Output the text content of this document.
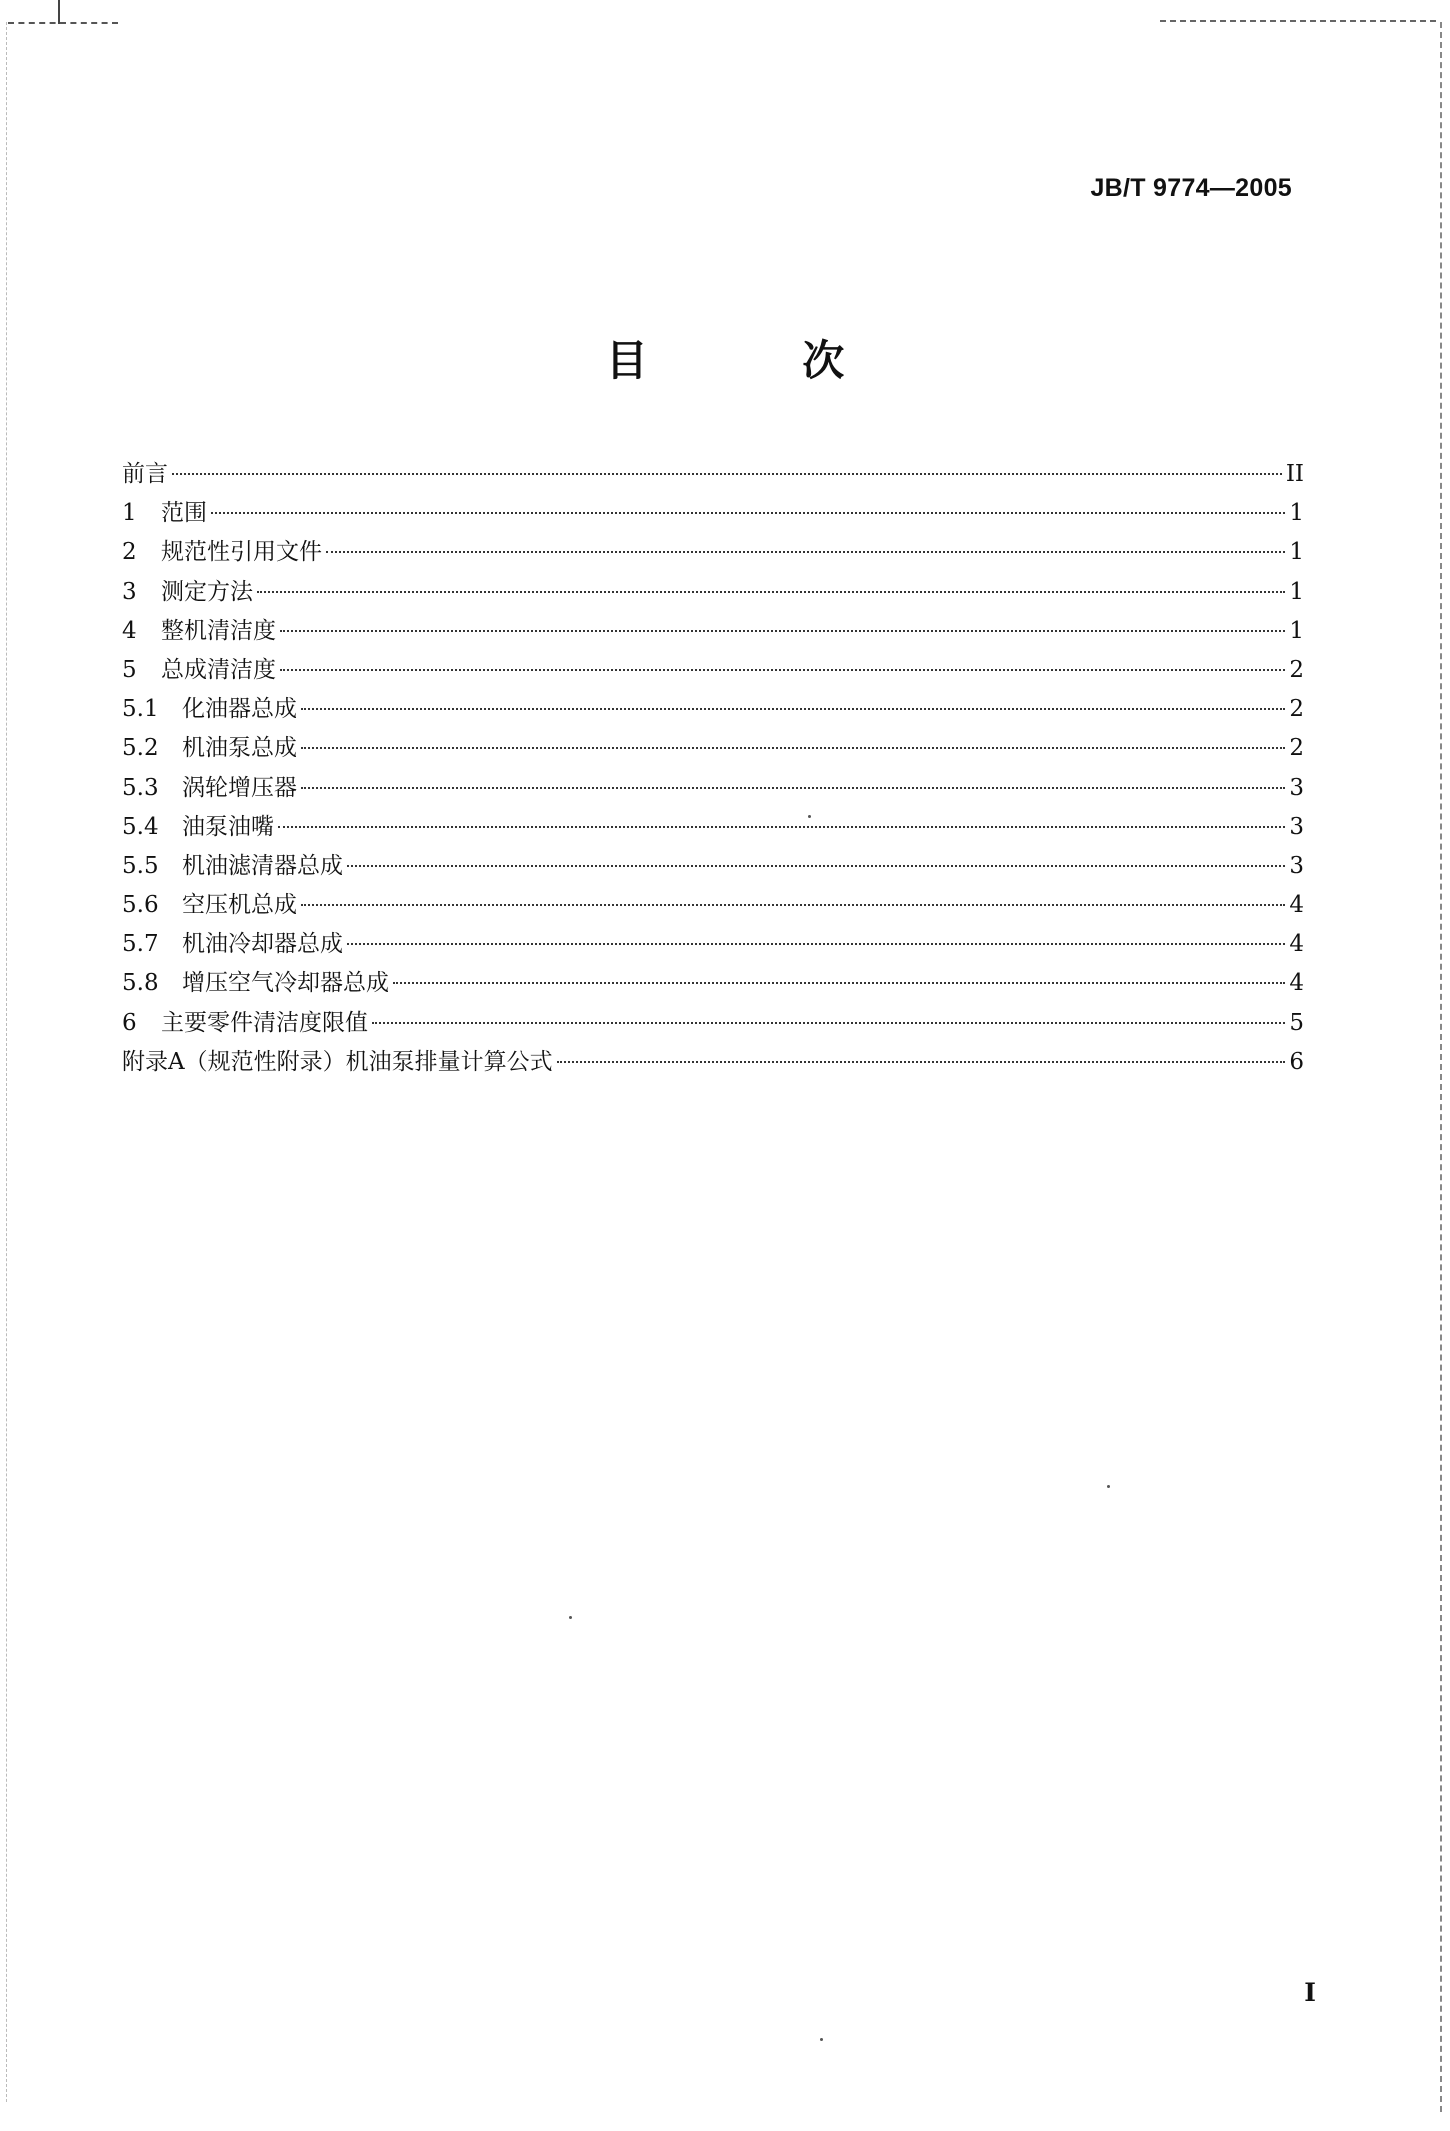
JB/T 9774—2005
目 次
前言	II
1	范围	1
2	规范性引用文件	1
3	测定方法	1
4	整机清洁度	1
5	总成清洁度	2
5.1	化油器总成	2
5.2	机油泵总成	2
5.3	涡轮增压器	3
5.4	油泵油嘴	3
5.5	机油滤清器总成	3
5.6	空压机总成	4
5.7	机油冷却器总成	4
5.8	增压空气冷却器总成	4
6	主要零件清洁度限值	5
附录A（规范性附录）机油泵排量计算公式	6
I
